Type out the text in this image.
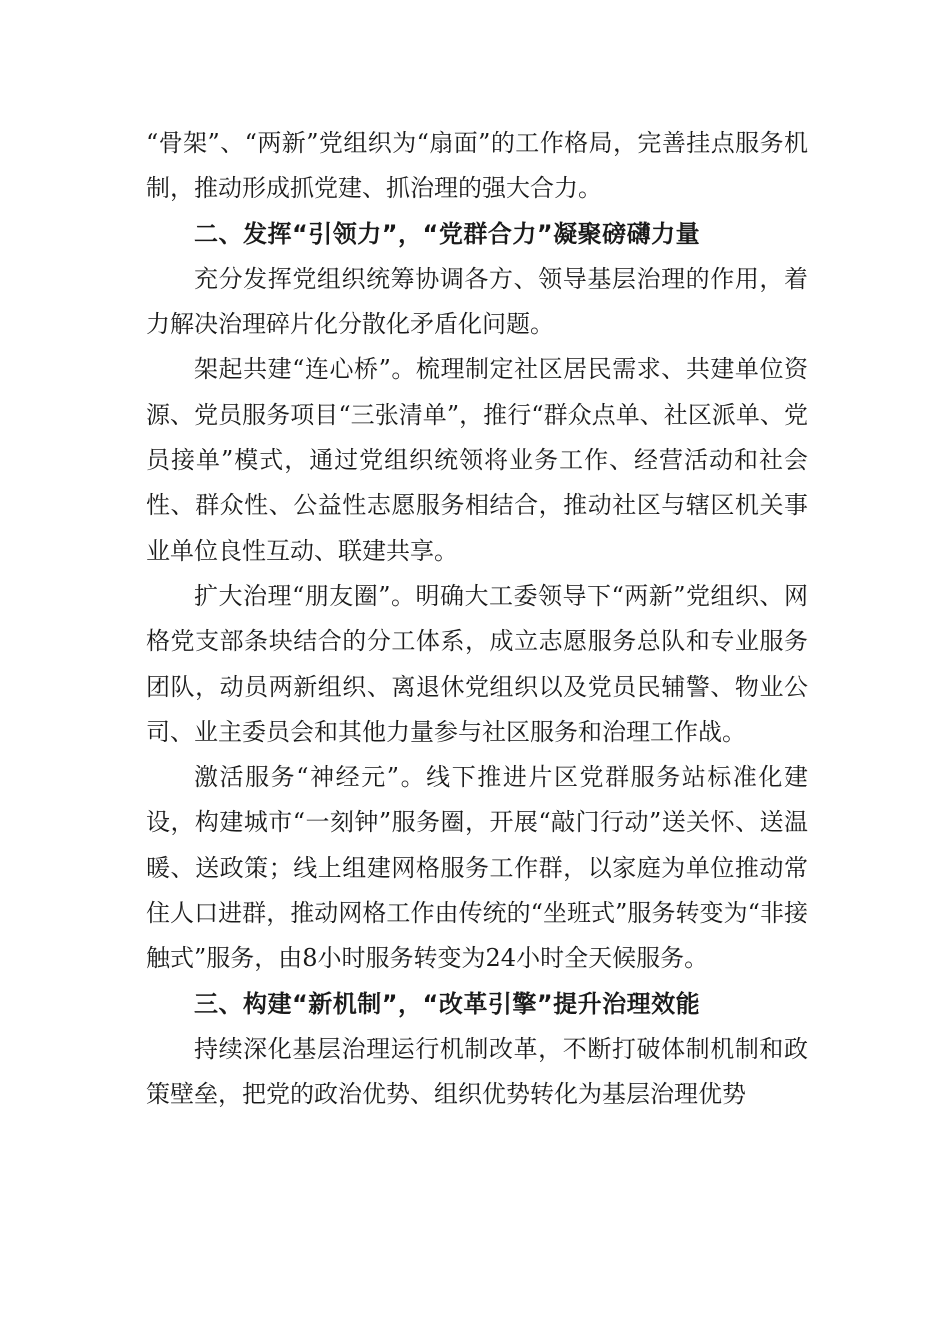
“骨架”、“两新”党组织为“扇面”的工作格局，完善挂点服务机制，推动形成抓党建、抓治理的强大合力。

二、发挥“引领力”，“党群合力”凝聚磅礴力量

充分发挥党组织统筹协调各方、领导基层治理的作用，着力解决治理碎片化分散化矛盾化问题。

架起共建“连心桥”。梳理制定社区居民需求、共建单位资源、党员服务项目“三张清单”，推行“群众点单、社区派单、党员接单”模式，通过党组织统领将业务工作、经营活动和社会性、群众性、公益性志愿服务相结合，推动社区与辖区机关事业单位良性互动、联建共享。

扩大治理“朋友圈”。明确大工委领导下“两新”党组织、网格党支部条块结合的分工体系，成立志愿服务总队和专业服务团队，动员两新组织、离退休党组织以及党员民辅警、物业公司、业主委员会和其他力量参与社区服务和治理工作战。

激活服务“神经元”。线下推进片区党群服务站标准化建设，构建城市“一刻钟”服务圈，开展“敲门行动”送关怀、送温暖、送政策；线上组建网格服务工作群，以家庭为单位推动常住人口进群，推动网格工作由传统的“坐班式”服务转变为“非接触式”服务，由8小时服务转变为24小时全天候服务。

三、构建“新机制”，“改革引擎”提升治理效能

持续深化基层治理运行机制改革，不断打破体制机制和政策壁垒，把党的政治优势、组织优势转化为基层治理优势
